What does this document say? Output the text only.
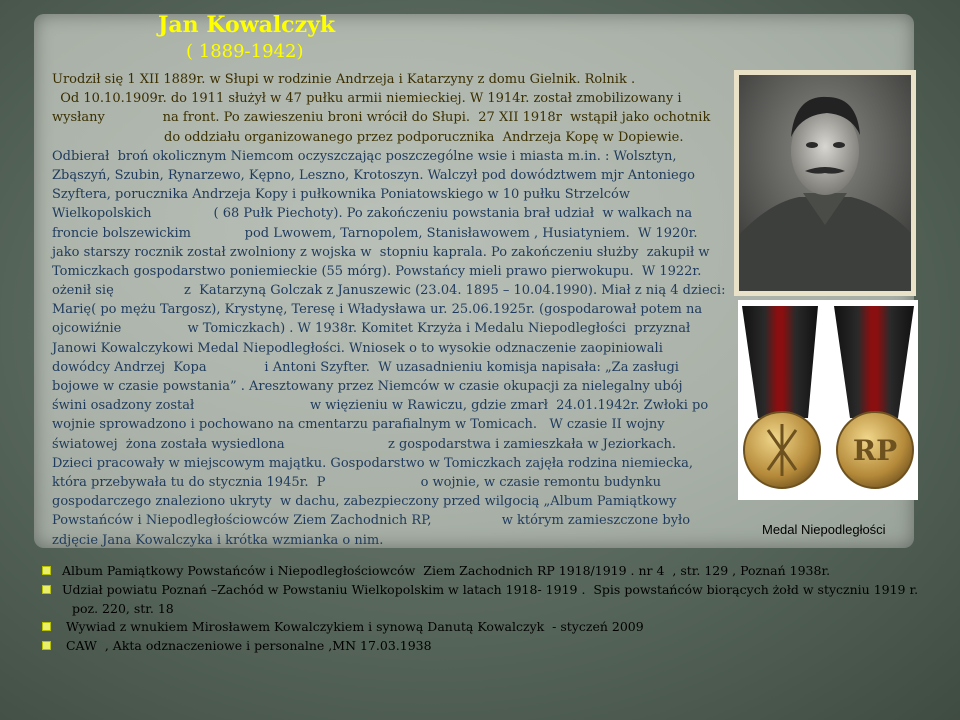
Jan Kowalczyk
( 1889-1942)
Urodził się 1 XII 1889r. w Słupi w rodzinie Andrzeja i Katarzyny z domu Gielnik. Rolnik .
Od 10.10.1909r. do 1911 służył w 47 pułku armii niemieckiej. W 1914r. został zmobilizowany i
wysłany              na front. Po zawieszeniu broni wrócił do Słupi.  27 XII 1918r  wstąpił jako ochotnik
do oddziału organizowanego przez podporucznika  Andrzeja Kopę w Dopiewie.
Odbierał  broń okolicznym Niemcom oczyszczając poszczególne wsie i miasta m.in. : Wolsztyn,
Zbąszyń, Szubin, Rynarzewo, Kępno, Leszno, Krotoszyn. Walczył pod dowództwem mjr Antoniego
Szyftera, porucznika Andrzeja Kopy i pułkownika Poniatowskiego w 10 pułku Strzelców
Wielkopolskich               ( 68 Pułk Piechoty). Po zakończeniu powstania brał udział  w walkach na
froncie bolszewickim             pod Lwowem, Tarnopolem, Stanisławowem , Husiatyniem.  W 1920r.
jako starszy rocznik został zwolniony z wojska w  stopniu kaprala. Po zakończeniu służby  zakupił w
Tomiczkach gospodarstwo poniemieckie (55 mórg). Powstańcy mieli prawo pierwokupu.  W 1922r.
ożenił się                 z  Katarzyną Golczak z Januszewic (23.04. 1895 – 10.04.1990). Miał z nią 4 dzieci:
Marię( po mężu Targosz), Krystynę, Teresę i Władysława ur. 25.06.1925r. (gospodarował potem na
ojcowiźnie                w Tomiczkach) . W 1938r. Komitet Krzyża i Medalu Niepodległości  przyznał
Janowi Kowalczykowi Medal Niepodległości. Wniosek o to wysokie odznaczenie zaopiniowali
dowódcy Andrzej  Kopa              i Antoni Szyfter.  W uzasadnieniu komisja napisała: „Za zasługi
bojowe w czasie powstania” . Aresztowany przez Niemców w czasie okupacji za nielegalny ubój
świni osadzony został                            w więzieniu w Rawiczu, gdzie zmarł  24.01.1942r. Zwłoki po
wojnie sprowadzono i pochowano na cmentarzu parafialnym w Tomicach.   W czasie II wojny
światowej  żona została wysiedlona                         z gospodarstwa i zamieszkała w Jeziorkach.
Dzieci pracowały w miejscowym majątku. Gospodarstwo w Tomiczkach zajęła rodzina niemiecka,
która przebywała tu do stycznia 1945r.  P                       o wojnie, w czasie remontu budynku
gospodarczego znaleziono ukryty  w dachu, zabezpieczony przed wilgocią „Album Pamiątkowy
Powstańców i Niepodległościowców Ziem Zachodnich RP,                 w którym zamieszczone było
zdjęcie Jana Kowalczyka i krótka wzmianka o nim.
RP
Medal Niepodległości
Album Pamiątkowy Powstańców i Niepodległościowców  Ziem Zachodnich RP 1918/1919 . nr 4  , str. 129 , Poznań 1938r.
Udział powiatu Poznań –Zachód w Powstaniu Wielkopolskim w latach 1918- 1919 .  Spis powstańców biorących żołd w styczniu 1919 r.
poz. 220, str. 18
Wywiad z wnukiem Mirosławem Kowalczykiem i synową Danutą Kowalczyk  - styczeń 2009
CAW  , Akta odznaczeniowe i personalne ,MN 17.03.1938
